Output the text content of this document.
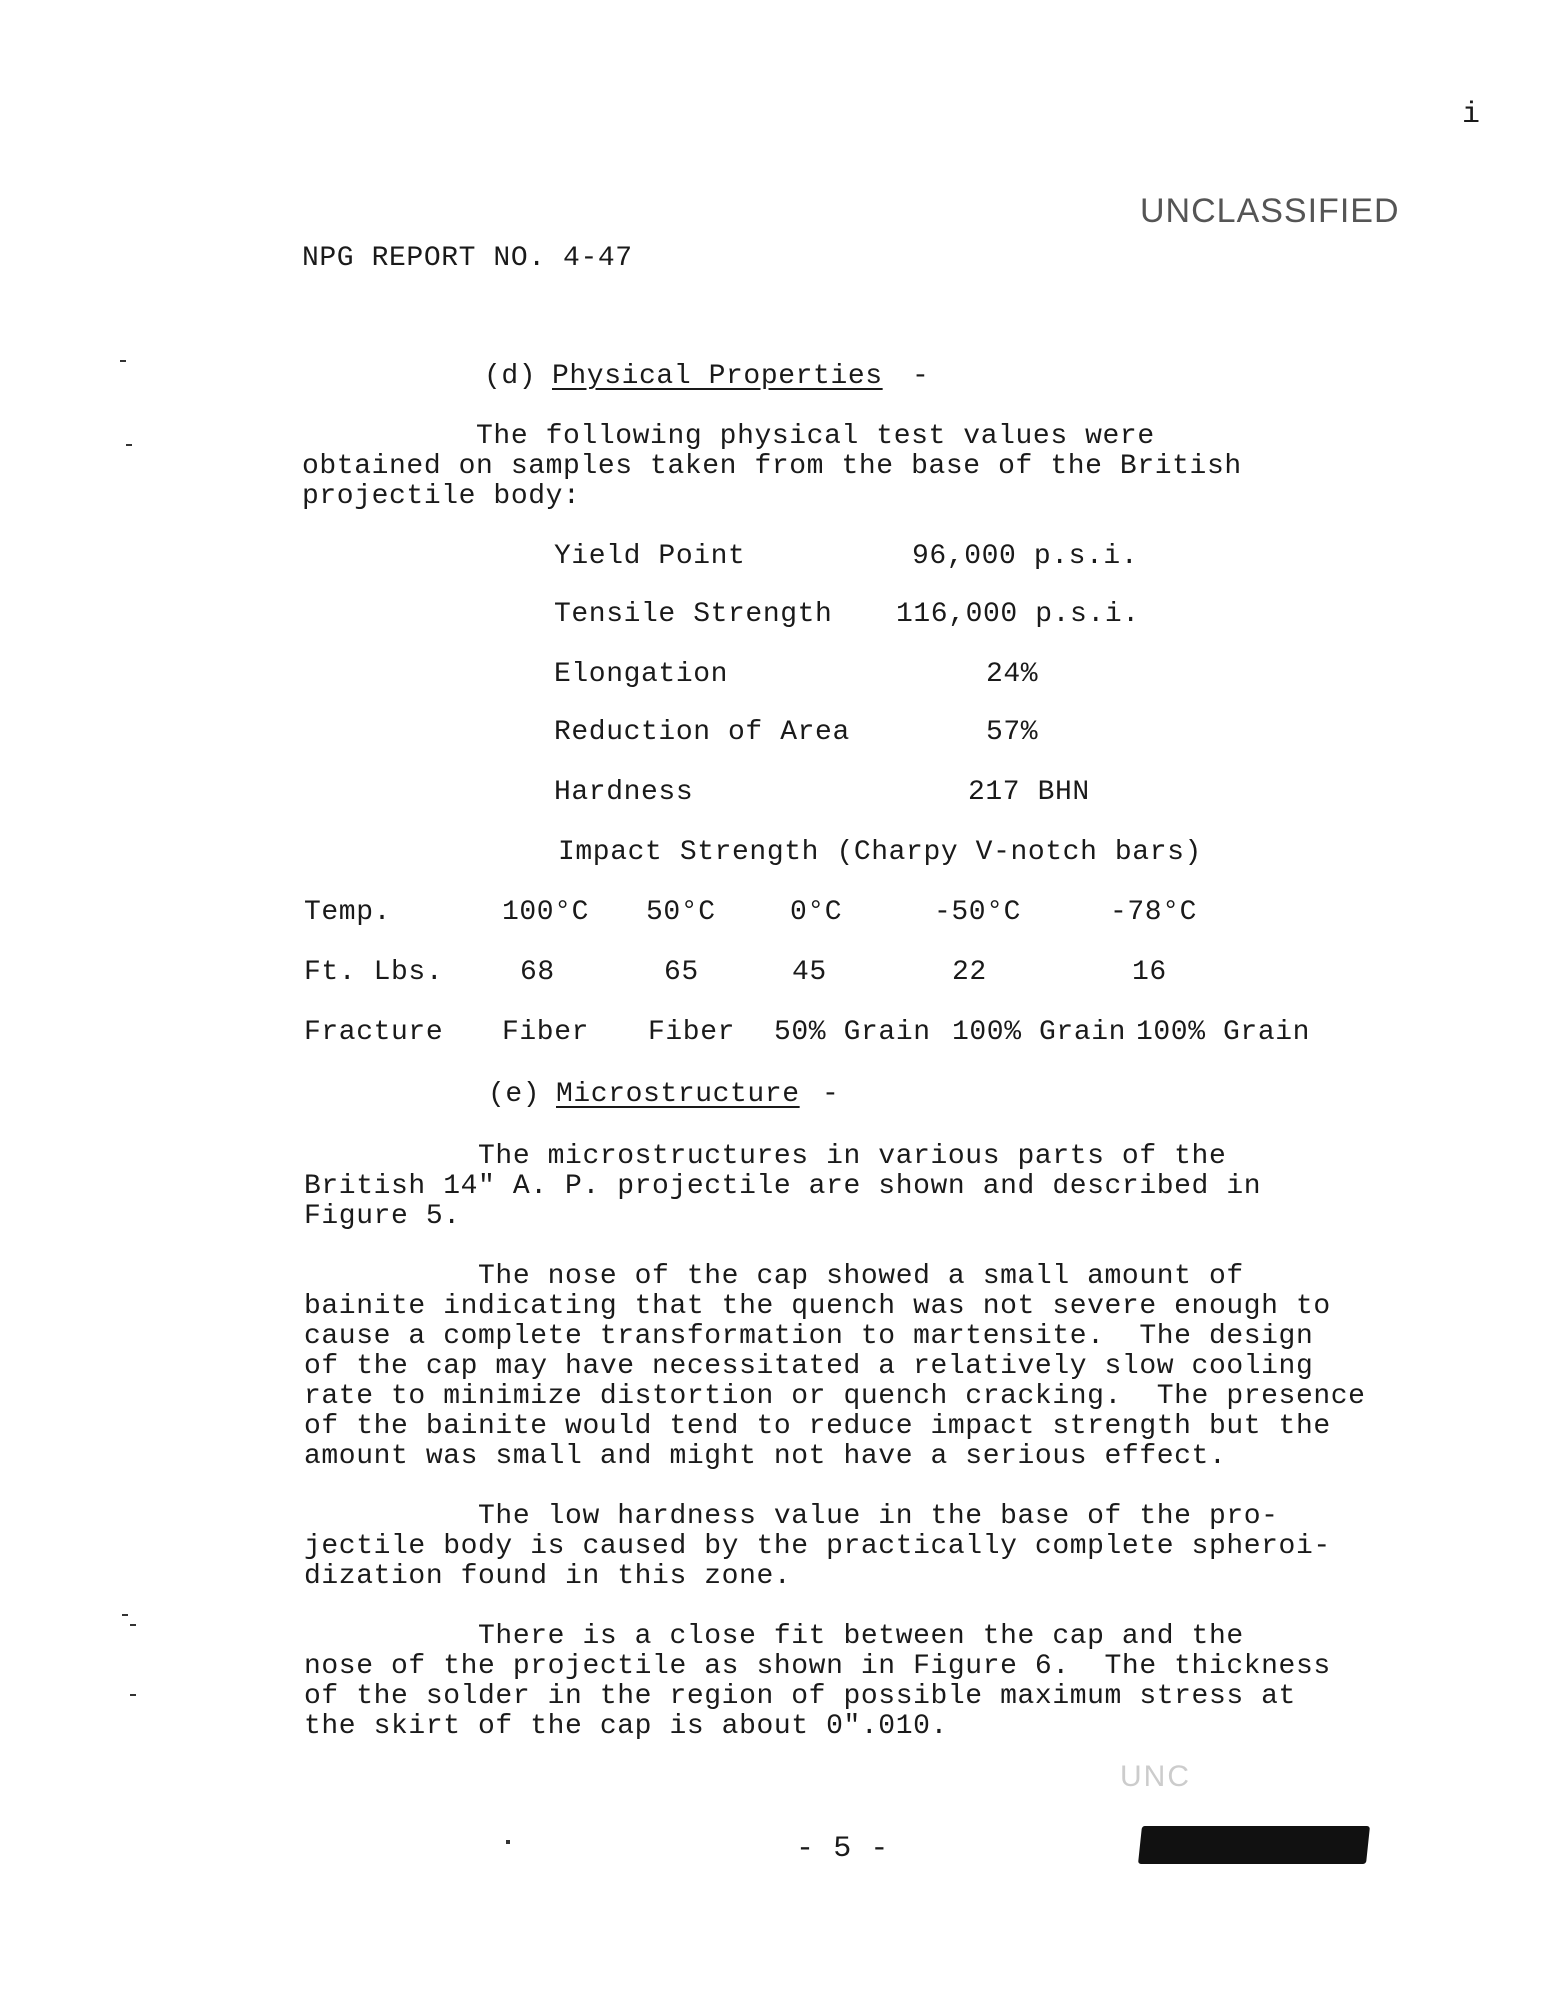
i
UNCLASSIFIED
NPG REPORT NO. 4-47
(d) Physical Properties -
The following physical test values were
obtained on samples taken from the base of the British
projectile body:
Yield Point	96,000 p.s.i.
Tensile Strength 116,000 p.s.i.
Elongation	24%
Reduction of Area	57%
Hardness	217 BHN
Impact Strength (Charpy V-notch bars)
Temp.	100°C 50°C	0°C	-50°C	-78°C
Ft. Lbs.	68	65	45	22	16
Fracture Fiber Fiber 50% Grain 100% Grain 100% Grain
(e) Microstructure -
The microstructures in various parts of the
British 14" A. P. projectile are shown and described in
Figure 5.
The nose of the cap showed a small amount of
bainite indicating that the quench was not severe enough to
cause a complete transformation to martensite.  The design
of the cap may have necessitated a relatively slow cooling
rate to minimize distortion or quench cracking.  The presence
of the bainite would tend to reduce impact strength but the
amount was small and might not have a serious effect.
The low hardness value in the base of the pro-
jectile body is caused by the practically complete spheroi-
dization found in this zone.
There is a close fit between the cap and the
nose of the projectile as shown in Figure 6.  The thickness
of the solder in the region of possible maximum stress at
the skirt of the cap is about 0".010.
UNC
- 5 -
